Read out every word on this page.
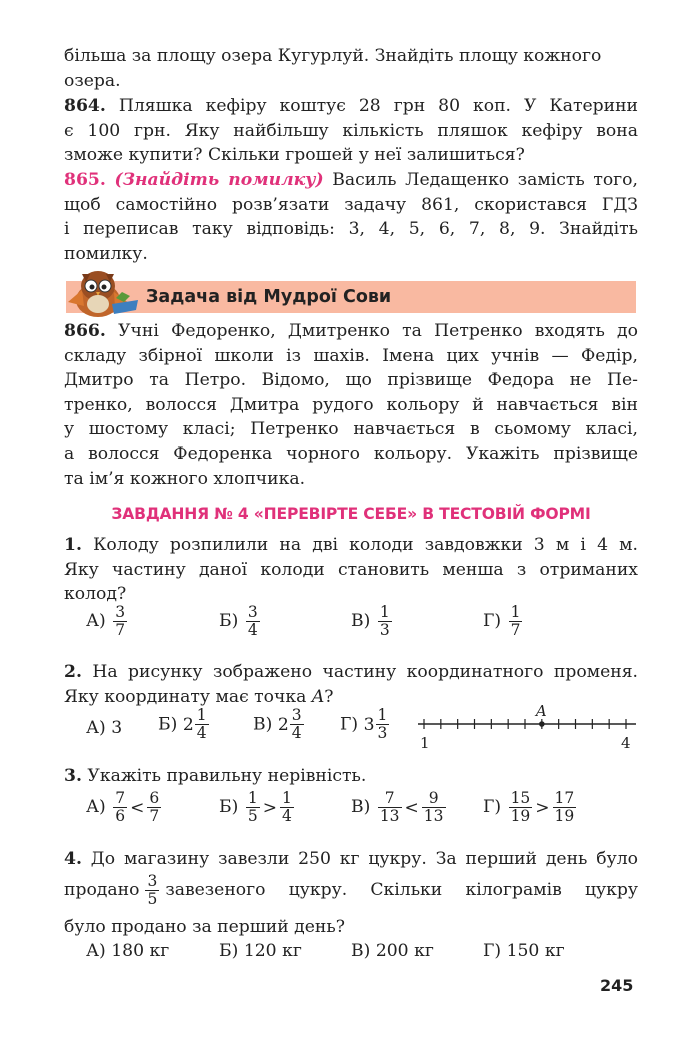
більша за площу озера Кугурлуй. Знайдіть площу кожного
озера.
864. Пляшка кефіру коштує 28 грн 80 коп. У Катерини
є 100 грн. Яку найбільшу кількість пляшок кефіру вона
зможе купити? Скільки грошей у неї залишиться?
865. (Знайдіть помилку) Василь Ледащенко замість того,
щоб самостійно розв’язати задачу 861, скористався ГДЗ
і переписав таку відповідь: 3, 4, 5, 6, 7, 8, 9. Знайдіть
помилку.
Задача від Мудрої Сови
866. Учні Федоренко, Дмитренко та Петренко входять до
складу збірної школи із шахів. Імена цих учнів — Федір,
Дмитро та Петро. Відомо, що прізвище Федора не Пе-
тренко, волосся Дмитра рудого кольору й навчається він
у шостому класі; Петренко навчається в сьомому класі,
а волосся Федоренка чорного кольору. Укажіть прізвище
та ім’я кожного хлопчика.
ЗАВДАННЯ № 4 «ПЕРЕВІРТЕ СЕБЕ» В ТЕСТОВІЙ ФОРМІ
1. Колоду розпилили на дві колоди завдовжки 3 м і 4 м.
Яку частину даної колоди становить менша з отриманих
колод?
$А) \frac{3}{7}$	$Б) \frac{3}{4}$	$В) \frac{1}{3}$	$Г) \frac{1}{7}$
2. На рисунку зображено частину координатного променя.
Яку координату має точка A?
А) 3 Б) $2 \frac{1}{4}$	В) $2 \frac{3}{4} Г$) $3 \frac{1}{3}$	A
1	4
3. Укажіть правильну нерівність.
$А) \frac{7}{6} < \frac{6}{7}$	$Б) \frac{1}{5} > \frac{1}{4}$	$В) \frac{7}{13} < \frac{9}{13} Г) \frac{15}{19} > \frac{17}{19}$
4. До магазину завезли 250 кг цукру. За перший день було
продано $\frac{3}{5}$ завезеного цукру. Скільки кілограмів цукру
було продано за перший день?
А) 180 кг	Б) 120 кг	В) 200 кг	Г) 150 кг
245
